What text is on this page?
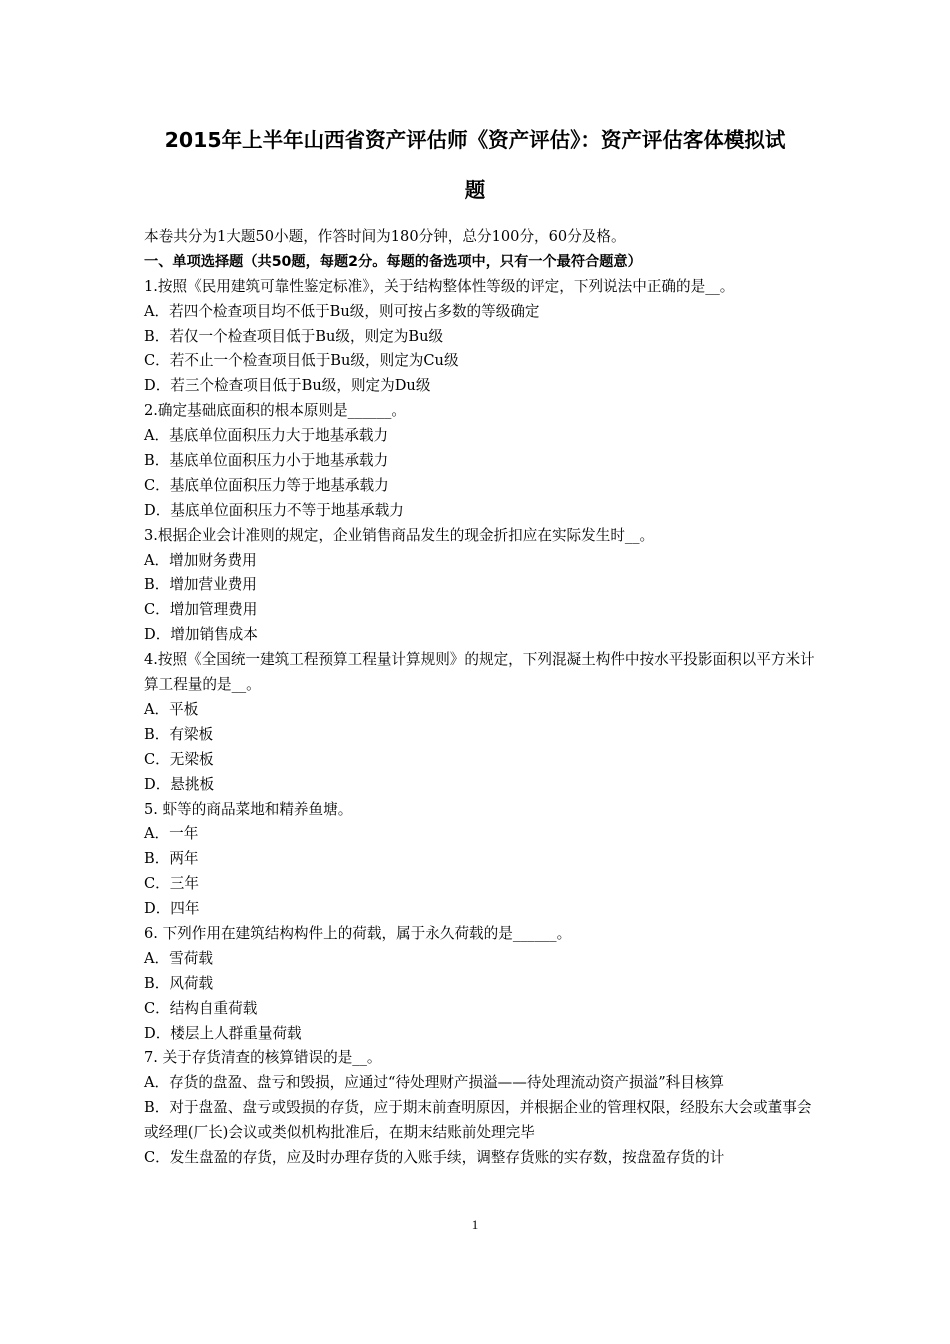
2015年上半年山西省资产评估师《资产评估》：资产评估客体模拟试
题
本卷共分为1大题50小题，作答时间为180分钟，总分100分，60分及格。
一、单项选择题（共50题，每题2分。每题的备选项中，只有一个最符合题意）
1.按照《民用建筑可靠性鉴定标准》，关于结构整体性等级的评定，下列说法中正确的是__。
A．若四个检查项目均不低于Bu级，则可按占多数的等级确定
B．若仅一个检查项目低于Bu级，则定为Bu级
C．若不止一个检查项目低于Bu级，则定为Cu级
D．若三个检查项目低于Bu级，则定为Du级
2.确定基础底面积的根本原则是______。
A．基底单位面积压力大于地基承载力
B．基底单位面积压力小于地基承载力
C．基底单位面积压力等于地基承载力
D．基底单位面积压力不等于地基承载力
3.根据企业会计准则的规定，企业销售商品发生的现金折扣应在实际发生时__。
A．增加财务费用
B．增加营业费用
C．增加管理费用
D．增加销售成本
4.按照《全国统一建筑工程预算工程量计算规则》的规定，下列混凝土构件中按水平投影面积以平方米计算工程量的是__。
A．平板
B．有梁板
C．无梁板
D．悬挑板
5. 虾等的商品菜地和精养鱼塘。
A．一年
B．两年
C．三年
D．四年
6. 下列作用在建筑结构构件上的荷载，属于永久荷载的是______。
A．雪荷载
B．风荷载
C．结构自重荷载
D．楼层上人群重量荷载
7. 关于存货清查的核算错误的是__。
A．存货的盘盈、盘亏和毁损，应通过“待处理财产损溢——待处理流动资产损溢”科目核算
B．对于盘盈、盘亏或毁损的存货，应于期末前查明原因，并根据企业的管理权限，经股东大会或董事会或经理(厂长)会议或类似机构批准后，在期末结账前处理完毕
C．发生盘盈的存货，应及时办理存货的入账手续，调整存货账的实存数，按盘盈存货的计
1
